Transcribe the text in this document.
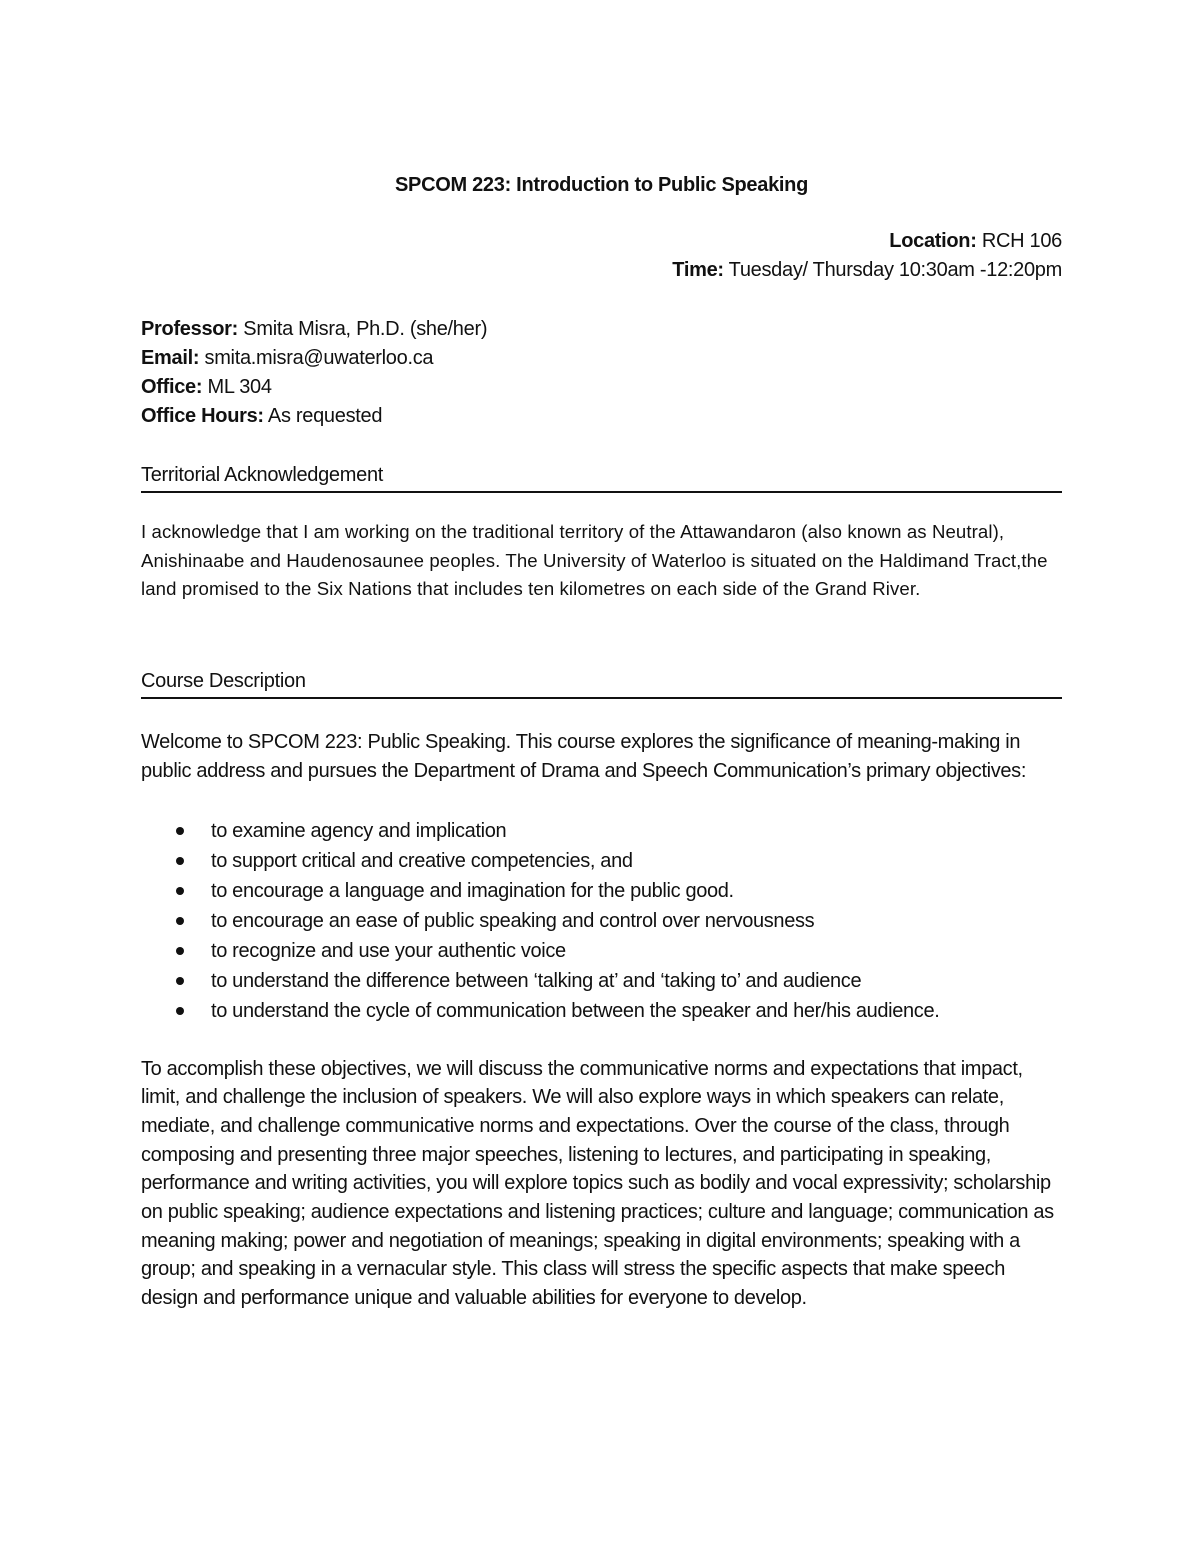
SPCOM 223: Introduction to Public Speaking
Location: RCH 106
Time: Tuesday/ Thursday 10:30am -12:20pm
Professor: Smita Misra, Ph.D. (she/her)
Email: smita.misra@uwaterloo.ca
Office: ML 304
Office Hours: As requested
Territorial Acknowledgement
I acknowledge that I am working on the traditional territory of the Attawandaron (also known as Neutral), Anishinaabe and Haudenosaunee peoples. The University of Waterloo is situated on the Haldimand Tract,the land promised to the Six Nations that includes ten kilometres on each side of the Grand River.
Course Description

Welcome to SPCOM 223: Public Speaking. This course explores the significance of meaning-making in public address and pursues the Department of Drama and Speech Communication’s primary objectives:

to examine agency and implication
to support critical and creative competencies, and
to encourage a language and imagination for the public good.
to encourage an ease of public speaking and control over nervousness
to recognize and use your authentic voice
to understand the difference between ‘talking at’ and ‘taking to’ and audience
to understand the cycle of communication between the speaker and her/his audience.

To accomplish these objectives, we will discuss the communicative norms and expectations that impact, limit, and challenge the inclusion of speakers. We will also explore ways in which speakers can relate, mediate, and challenge communicative norms and expectations. Over the course of the class, through composing and presenting three major speeches, listening to lectures, and participating in speaking, performance and writing activities, you will explore topics such as bodily and vocal expressivity; scholarship on public speaking; audience expectations and listening practices; culture and language; communication as meaning making; power and negotiation of meanings; speaking in digital environments; speaking with a group; and speaking in a vernacular style. This class will stress the specific aspects that make speech design and performance unique and valuable abilities for everyone to develop.
